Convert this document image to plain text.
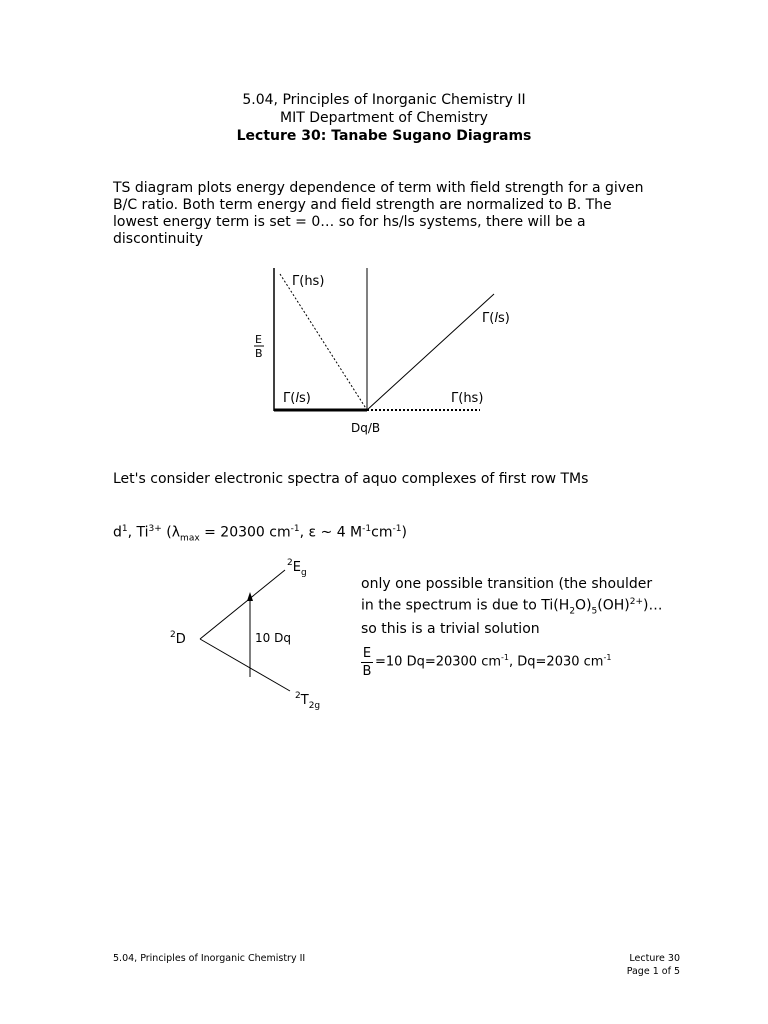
5.04, Principles of Inorganic Chemistry II
MIT Department of Chemistry
Lecture 30: Tanabe Sugano Diagrams
TS diagram plots energy dependence of term with field strength for a given
B/C ratio. Both term energy and field strength are normalized to B. The
lowest energy term is set = 0… so for hs/ls systems, there will be a
discontinuity
Γ(hs)
Γ(ls)
Γ(ls)	Γ(hs)
E
B
Dq/B
Let's consider electronic spectra of aquo complexes of first row TMs
$d^1$, $Ti^{3+}$ ($\lambda_{max} = 20300$ $cm^{-1}$, ε ~ 4 $M^{-1}cm^{-1}$)
$^2$D
$^2E_g$
$^2T_{2g}$
10 Dq
only one possible transition (the shoulder
in the spectrum is due to $Ti(H_2O)_5(OH)^{2+})\dots$
so this is a trivial solution
E
B
=10 Dq=20300 $cm^{-1}$, Dq=2030 $cm^{-1}$
5.04, Principles of Inorganic Chemistry II	Lecture 30
Page 1 of 5
